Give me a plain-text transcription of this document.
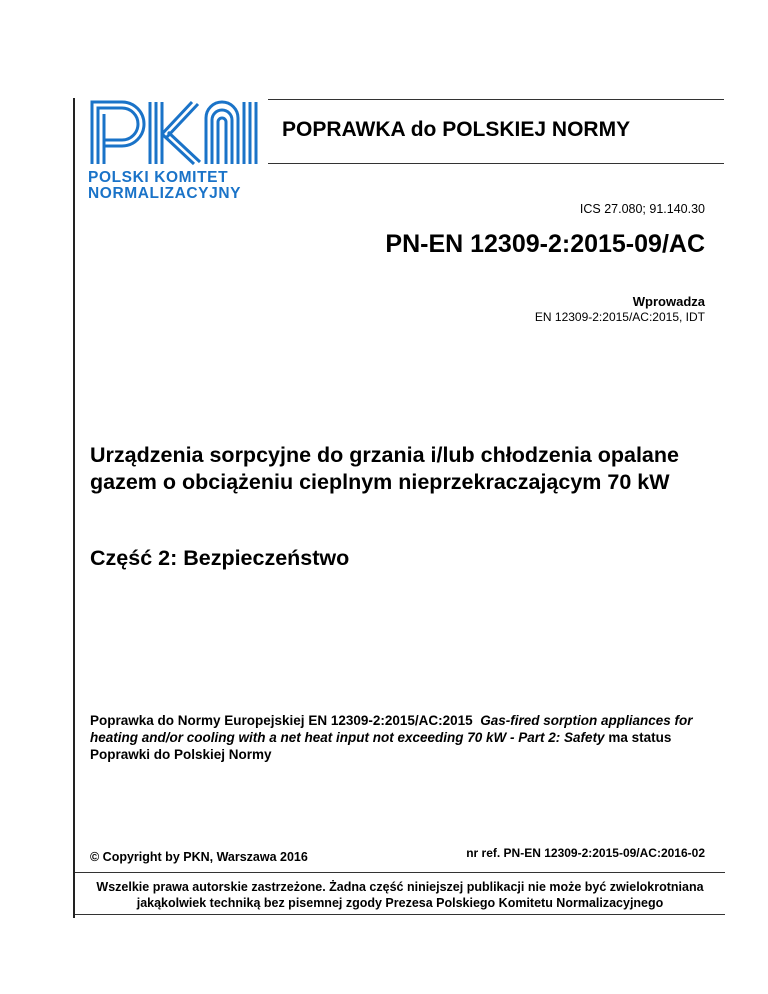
POLSKI KOMITET
NORMALIZACYJNY
POPRAWKA do POLSKIEJ NORMY
ICS 27.080; 91.140.30
PN-EN 12309-2:2015-09/AC
Wprowadza
EN 12309-2:2015/AC:2015, IDT
Urządzenia sorpcyjne do grzania i/lub chłodzenia opalane gazem o obciążeniu cieplnym nieprzekraczającym 70 kW
Część 2: Bezpieczeństwo
Poprawka do Normy Europejskiej EN 12309-2:2015/AC:2015 Gas-fired sorption appliances for heating and/or cooling with a net heat input not exceeding 70 kW - Part 2: Safety ma status Poprawki do Polskiej Normy
© Copyright by PKN, Warszawa 2016	nr ref. PN-EN 12309-2:2015-09/AC:2016-02
Wszelkie prawa autorskie zastrzeżone. Żadna część niniejszej publikacji nie może być zwielokrotniana
jakąkolwiek techniką bez pisemnej zgody Prezesa Polskiego Komitetu Normalizacyjnego
